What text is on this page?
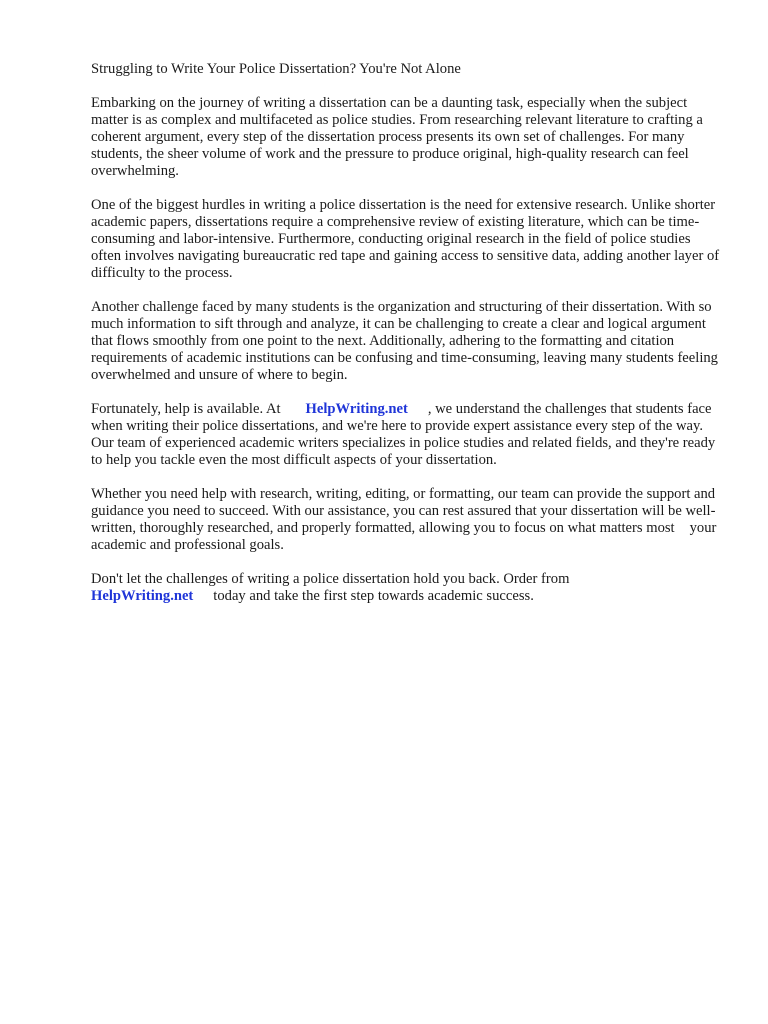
Struggling to Write Your Police Dissertation? You're Not Alone

Embarking on the journey of writing a dissertation can be a daunting task, especially when the subject matter is as complex and multifaceted as police studies. From researching relevant literature to crafting a coherent argument, every step of the dissertation process presents its own set of challenges. For many students, the sheer volume of work and the pressure to produce original, high-quality research can feel overwhelming.

One of the biggest hurdles in writing a police dissertation is the need for extensive research. Unlike shorter academic papers, dissertations require a comprehensive review of existing literature, which can be time-consuming and labor-intensive. Furthermore, conducting original research in the field of police studies often involves navigating bureaucratic red tape and gaining access to sensitive data, adding another layer of difficulty to the process.

Another challenge faced by many students is the organization and structuring of their dissertation. With so much information to sift through and analyze, it can be challenging to create a clear and logical argument that flows smoothly from one point to the next. Additionally, adhering to the formatting and citation requirements of academic institutions can be confusing and time-consuming, leaving many students feeling overwhelmed and unsure of where to begin.

Fortunately, help is available. At HelpWriting.net , we understand the challenges that students face when writing their police dissertations, and we're here to provide expert assistance every step of the way. Our team of experienced academic writers specializes in police studies and related fields, and they're ready to help you tackle even the most difficult aspects of your dissertation.

Whether you need help with research, writing, editing, or formatting, our team can provide the support and guidance you need to succeed. With our assistance, you can rest assured that your dissertation will be well-written, thoroughly researched, and properly formatted, allowing you to focus on what matters most your academic and professional goals.

Don't let the challenges of writing a police dissertation hold you back. Order from
HelpWriting.net today and take the first step towards academic success.
